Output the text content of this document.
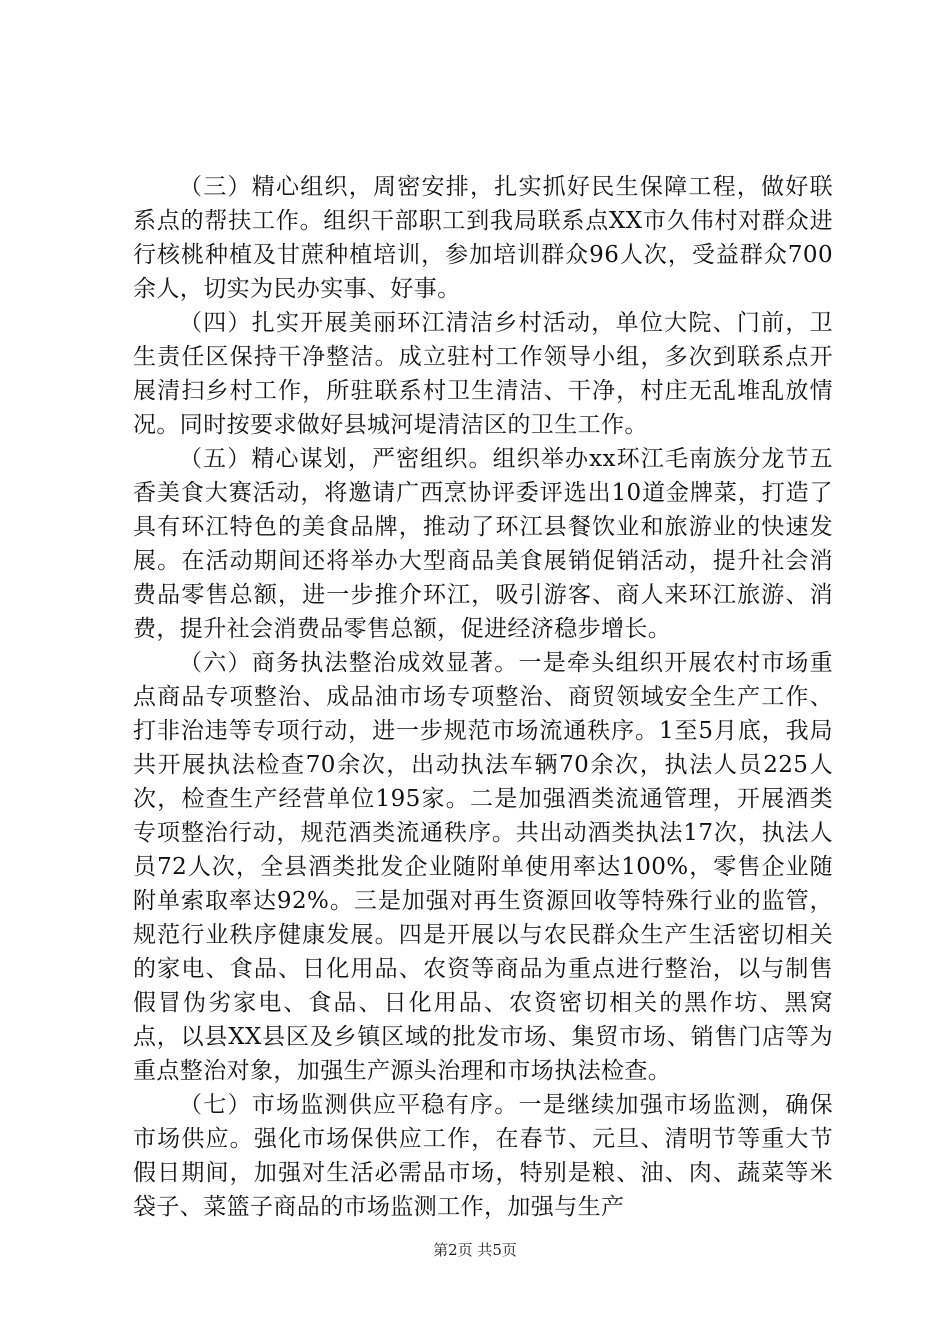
（三）精心组织，周密安排，扎实抓好民生保障工程，做好联系点的帮扶工作。组织干部职工到我局联系点XX市久伟村对群众进行核桃种植及甘蔗种植培训，参加培训群众96人次，受益群众700余人，切实为民办实事、好事。

（四）扎实开展美丽环江清洁乡村活动，单位大院、门前，卫生责任区保持干净整洁。成立驻村工作领导小组，多次到联系点开展清扫乡村工作，所驻联系村卫生清洁、干净，村庄无乱堆乱放情况。同时按要求做好县城河堤清洁区的卫生工作。

（五）精心谋划，严密组织。组织举办xx环江毛南族分龙节五香美食大赛活动，将邀请广西烹协评委评选出10道金牌菜，打造了具有环江特色的美食品牌，推动了环江县餐饮业和旅游业的快速发展。在活动期间还将举办大型商品美食展销促销活动，提升社会消费品零售总额，进一步推介环江，吸引游客、商人来环江旅游、消费，提升社会消费品零售总额，促进经济稳步增长。

（六）商务执法整治成效显著。一是牵头组织开展农村市场重点商品专项整治、成品油市场专项整治、商贸领域安全生产工作、打非治违等专项行动，进一步规范市场流通秩序。1至5月底，我局共开展执法检查70余次，出动执法车辆70余次，执法人员225人次，检查生产经营单位195家。二是加强酒类流通管理，开展酒类专项整治行动，规范酒类流通秩序。共出动酒类执法17次，执法人员72人次，全县酒类批发企业随附单使用率达100%，零售企业随附单索取率达92%。三是加强对再生资源回收等特殊行业的监管，规范行业秩序健康发展。四是开展以与农民群众生产生活密切相关的家电、食品、日化用品、农资等商品为重点进行整治，以与制售假冒伪劣家电、食品、日化用品、农资密切相关的黑作坊、黑窝点，以县XX县区及乡镇区域的批发市场、集贸市场、销售门店等为重点整治对象，加强生产源头治理和市场执法检查。

（七）市场监测供应平稳有序。一是继续加强市场监测，确保市场供应。强化市场保供应工作，在春节、元旦、清明节等重大节假日期间，加强对生活必需品市场，特别是粮、油、肉、蔬菜等米袋子、菜篮子商品的市场监测工作，加强与生产

第2页 共5页
